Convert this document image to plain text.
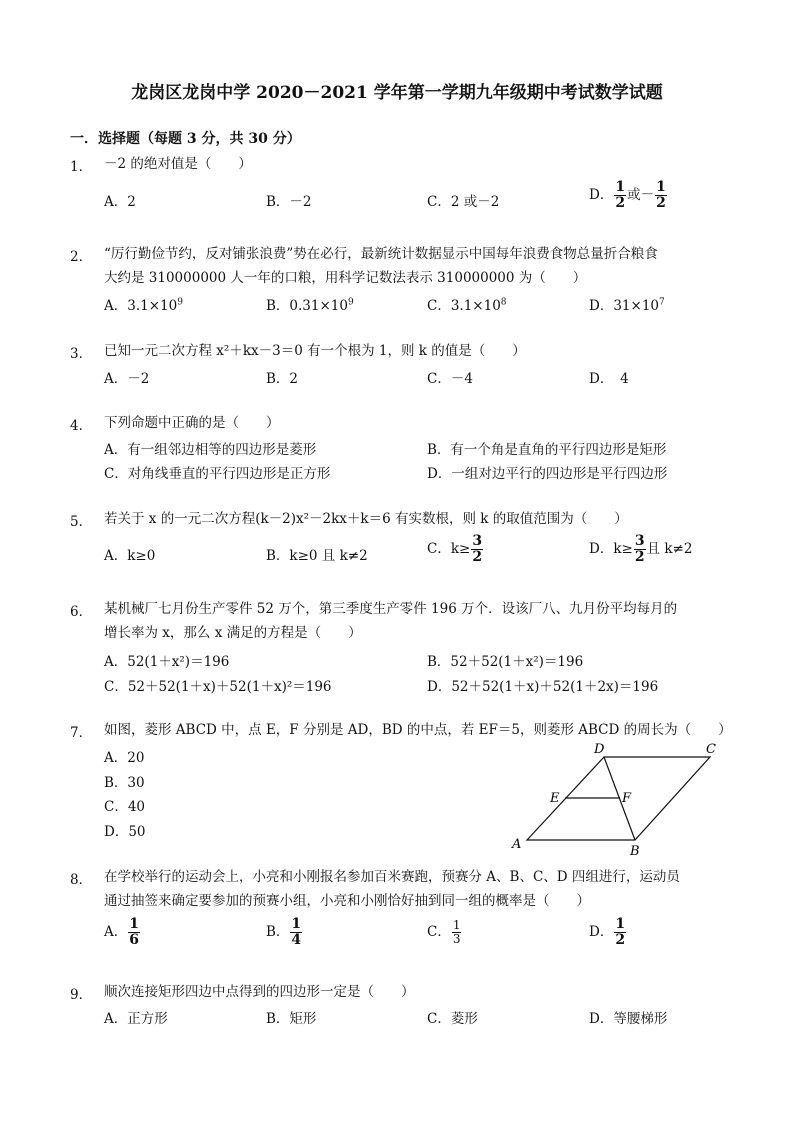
龙岗区龙岗中学 2020－2021 学年第一学期九年级期中考试数学试题
一．选择题（每题 3 分，共 30 分）
1． －2 的绝对值是（　　）
A．2	B．－2	C．2 或－2	D． $\frac{1}{2}$ 或－ $\frac{1}{2}$
2． “厉行勤俭节约，反对铺张浪费”势在必行，最新统计数据显示中国每年浪费食物总量折合粮食
大约是 310000000 人一年的口粮，用科学记数法表示 310000000 为（　　）
A．$3.1\times 10^9$	B．$0.31\times 10^9$	C．$3.1\times 10^8$	D．$31\times 10^7$
3． 已知一元二次方程 x²＋kx－3＝0 有一个根为 1，则 k 的值是（　　）
A．－2	B．2	C．－4	D．　4
4． 下列命题中正确的是（　　）
A．有一组邻边相等的四边形是菱形	B．有一个角是直角的平行四边形是矩形
C．对角线垂直的平行四边形是正方形	D．一组对边平行的四边形是平行四边形
5． 若关于 x 的一元二次方程(k－2)x²－2kx＋k＝6 有实数根，则 k 的取值范围为（　　）
A．k≥0	B．k≥0 且 k≠2	C．$k\ge \frac{3}{2}$	D．$k\ge \frac{3}{2}$ 且 k≠2
6． 某机械厂七月份生产零件 52 万个，第三季度生产零件 196 万个．设该厂八、九月份平均每月的
增长率为 x，那么 x 满足的方程是（　　）
A．52(1＋x²)＝196	B．52＋52(1＋x²)＝196
C．52＋52(1＋x)＋52(1＋x)²＝196	D．52＋52(1＋x)＋52(1＋2x)＝196
7． 如图，菱形 ABCD 中，点 E，F 分别是 AD，BD 的中点，若 EF＝5，则菱形 ABCD 的周长为（　　）
A．20
B．30
C．40
D．50
A	B
C
D
E	F
8． 在学校举行的运动会上，小亮和小刚报名参加百米赛跑，预赛分 A、B、C、D 四组进行，运动员
通过抽签来确定要参加的预赛小组，小亮和小刚恰好抽到同一组的概率是（　　）
A． $\frac{1}{6}$	B． $\frac{1}{4}$	C． $\frac{1}{3}$	D． $\frac{1}{2}$
9． 顺次连接矩形四边中点得到的四边形一定是（　　）
A．正方形	B．矩形	C．菱形	D．等腰梯形
